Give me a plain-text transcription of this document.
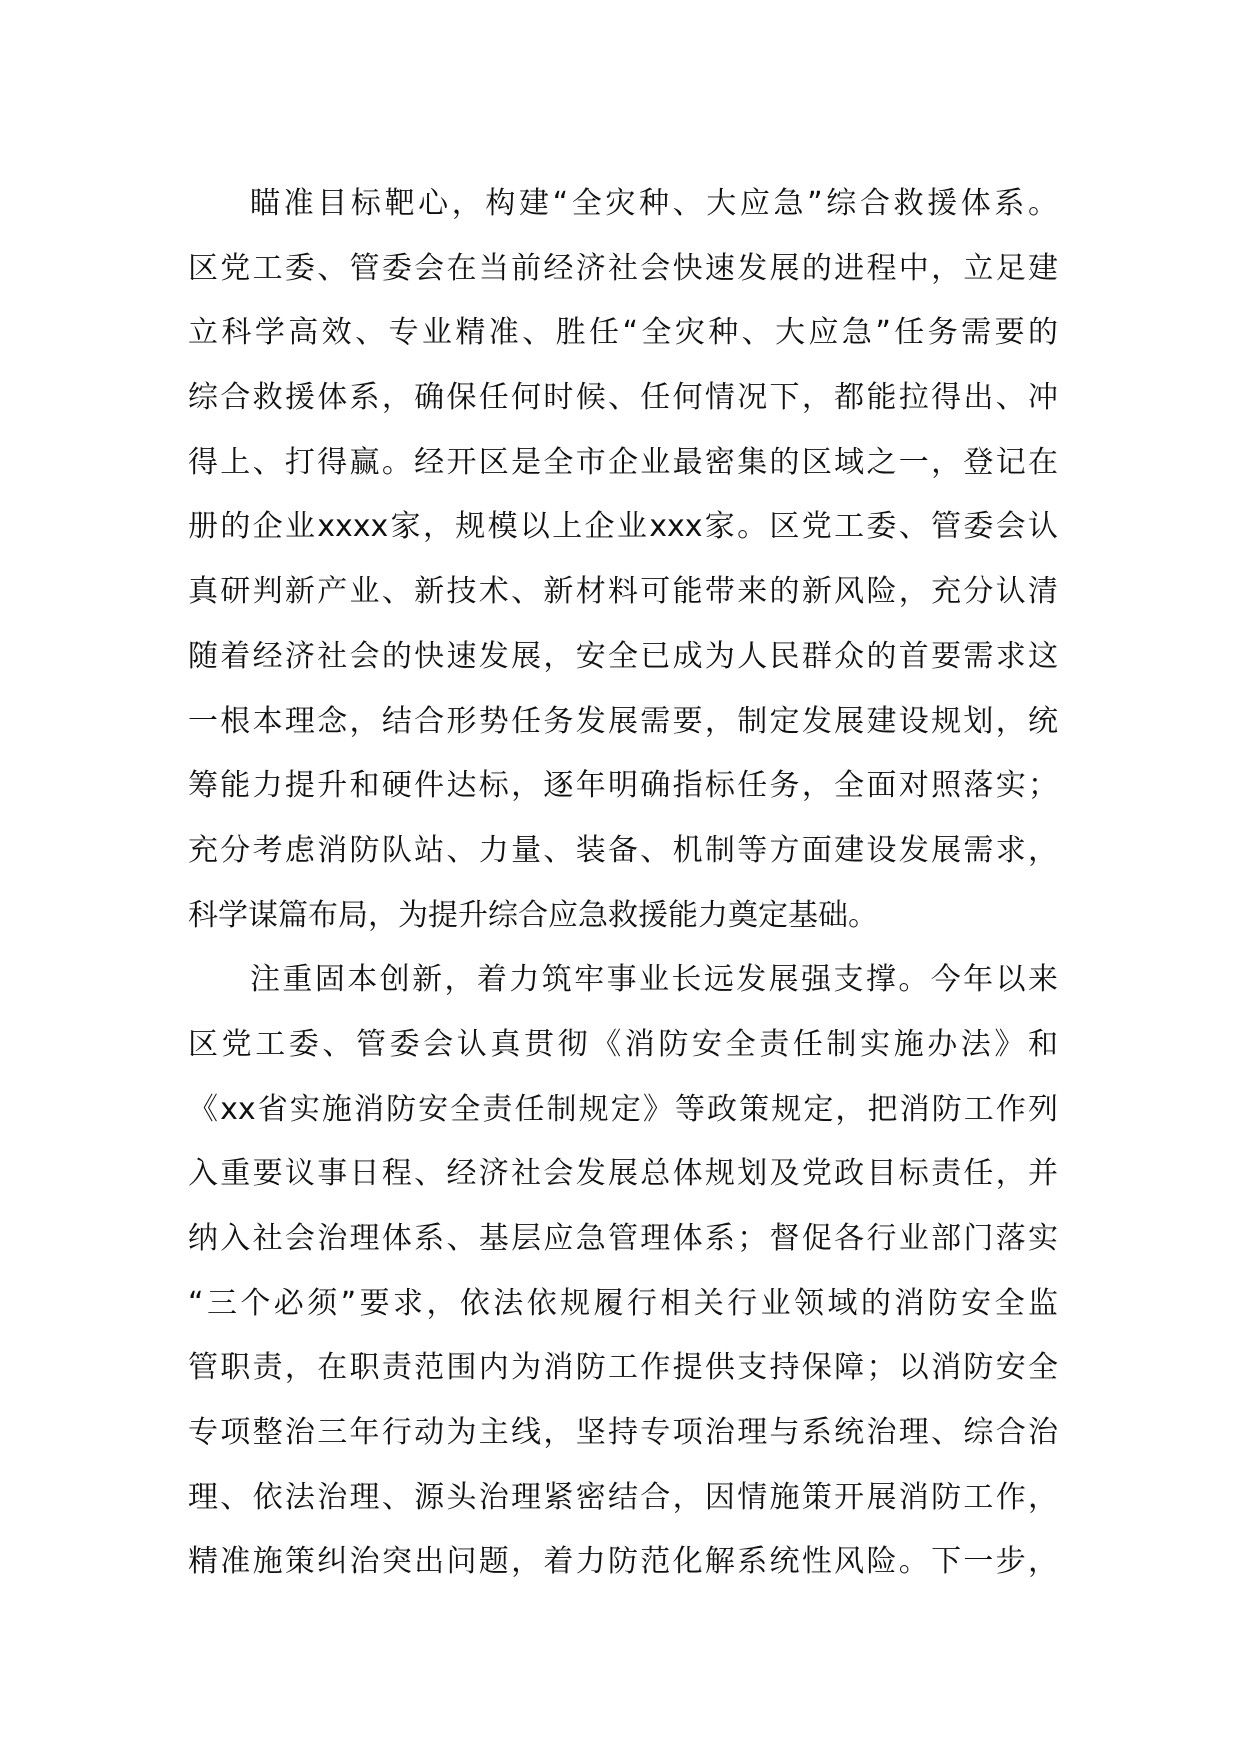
瞄准目标靶心，构建“全灾种、大应急”综合救援体系。
区党工委、管委会在当前经济社会快速发展的进程中，立足建
立科学高效、专业精准、胜任“全灾种、大应急”任务需要的
综合救援体系，确保任何时候、任何情况下，都能拉得出、冲
得上、打得赢。经开区是全市企业最密集的区域之一，登记在
册的企业xxxx家，规模以上企业xxx家。区党工委、管委会认
真研判新产业、新技术、新材料可能带来的新风险，充分认清
随着经济社会的快速发展，安全已成为人民群众的首要需求这
一根本理念，结合形势任务发展需要，制定发展建设规划，统
筹能力提升和硬件达标，逐年明确指标任务，全面对照落实；
充分考虑消防队站、力量、装备、机制等方面建设发展需求，
科学谋篇布局，为提升综合应急救援能力奠定基础。
注重固本创新，着力筑牢事业长远发展强支撑。今年以来
区党工委、管委会认真贯彻《消防安全责任制实施办法》和
《xx省实施消防安全责任制规定》等政策规定，把消防工作列
入重要议事日程、经济社会发展总体规划及党政目标责任，并
纳入社会治理体系、基层应急管理体系；督促各行业部门落实
“三个必须”要求，依法依规履行相关行业领域的消防安全监
管职责，在职责范围内为消防工作提供支持保障；以消防安全
专项整治三年行动为主线，坚持专项治理与系统治理、综合治
理、依法治理、源头治理紧密结合，因情施策开展消防工作，
精准施策纠治突出问题，着力防范化解系统性风险。下一步，
